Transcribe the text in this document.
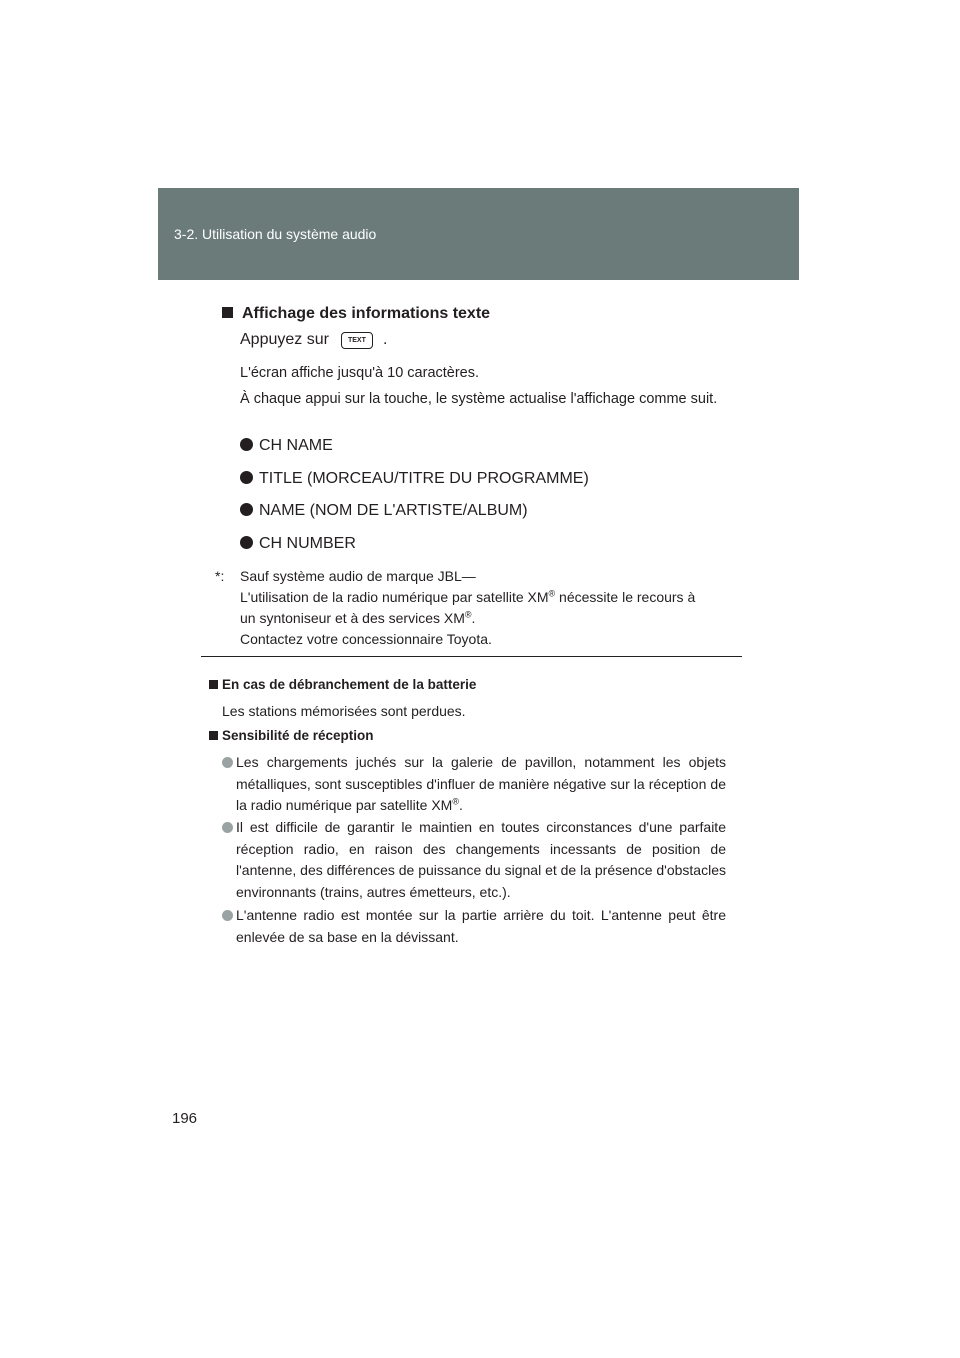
3-2. Utilisation du système audio
Affichage des informations texte
Appuyez sur	TEXT .
L'écran affiche jusqu'à 10 caractères.
À chaque appui sur la touche, le système actualise l'affichage comme suit.
CH NAME
TITLE (MORCEAU/TITRE DU PROGRAMME)
NAME (NOM DE L'ARTISTE/ALBUM)
CH NUMBER
*: Sauf système audio de marque JBL—
L'utilisation de la radio numérique par satellite XM® nécessite le recours à
un syntoniseur et à des services XM®.
Contactez votre concessionnaire Toyota.
En cas de débranchement de la batterie
Les stations mémorisées sont perdues.
Sensibilité de réception
Les chargements juchés sur la galerie de pavillon, notamment les objets métalliques, sont susceptibles d'influer de manière négative sur la réception de la radio numérique par satellite XM®.
Il est difficile de garantir le maintien en toutes circonstances d'une parfaite réception radio, en raison des changements incessants de position de l'antenne, des différences de puissance du signal et de la présence d'obstacles environnants (trains, autres émetteurs, etc.).
L'antenne radio est montée sur la partie arrière du toit. L'antenne peut être enlevée de sa base en la dévissant.
196
